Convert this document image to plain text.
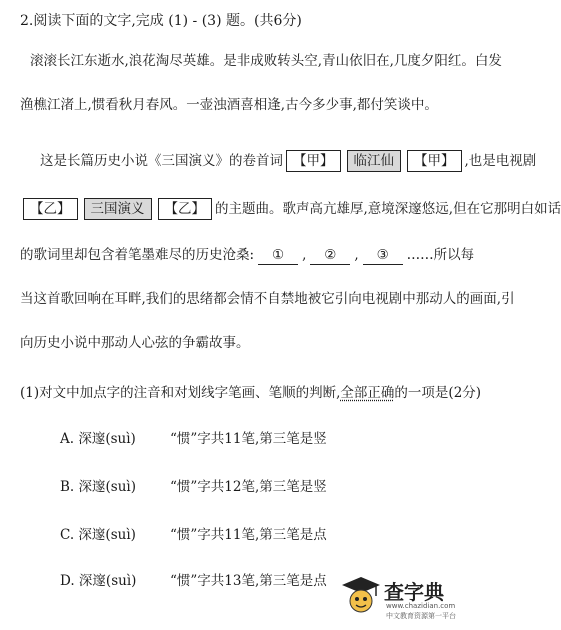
2.阅读下面的文字,完成 (1) - (3) 题。(共6分)
滚滚长江东逝水,浪花淘尽英雄。是非成败转头空,青山依旧在,几度夕阳红。白发
渔樵江渚上,惯看秋月春风。一壶浊酒喜相逢,古今多少事,都付笑谈中。
这是长篇历史小说《三国演义》的卷首词 【甲】 临江仙 【甲】 ,也是电视剧
【乙】 三国演义 【乙】 的主题曲。歌声高亢雄厚,意境深邃悠远,但在它那明白如话
的歌词里却包含着笔墨难尽的历史沧桑: ① , ② , ③ ……所以每
当这首歌回响在耳畔,我们的思绪都会情不自禁地被它引向电视剧中那动人的画面,引
向历史小说中那动人心弦的争霸故事。
(1)对文中加点字的注音和对划线字笔画、笔顺的判断,全部正确的一项是(2分)
A. 深邃(suì)	“惯”字共11笔,第三笔是竖
B. 深邃(suì)	“惯”字共12笔,第三笔是竖
C. 深邃(suì)	“惯”字共11笔,第三笔是点
D. 深邃(suì) “惯”字共13笔,第三笔是点	查字典
www.chazidian.com
中文教育资源第一平台
